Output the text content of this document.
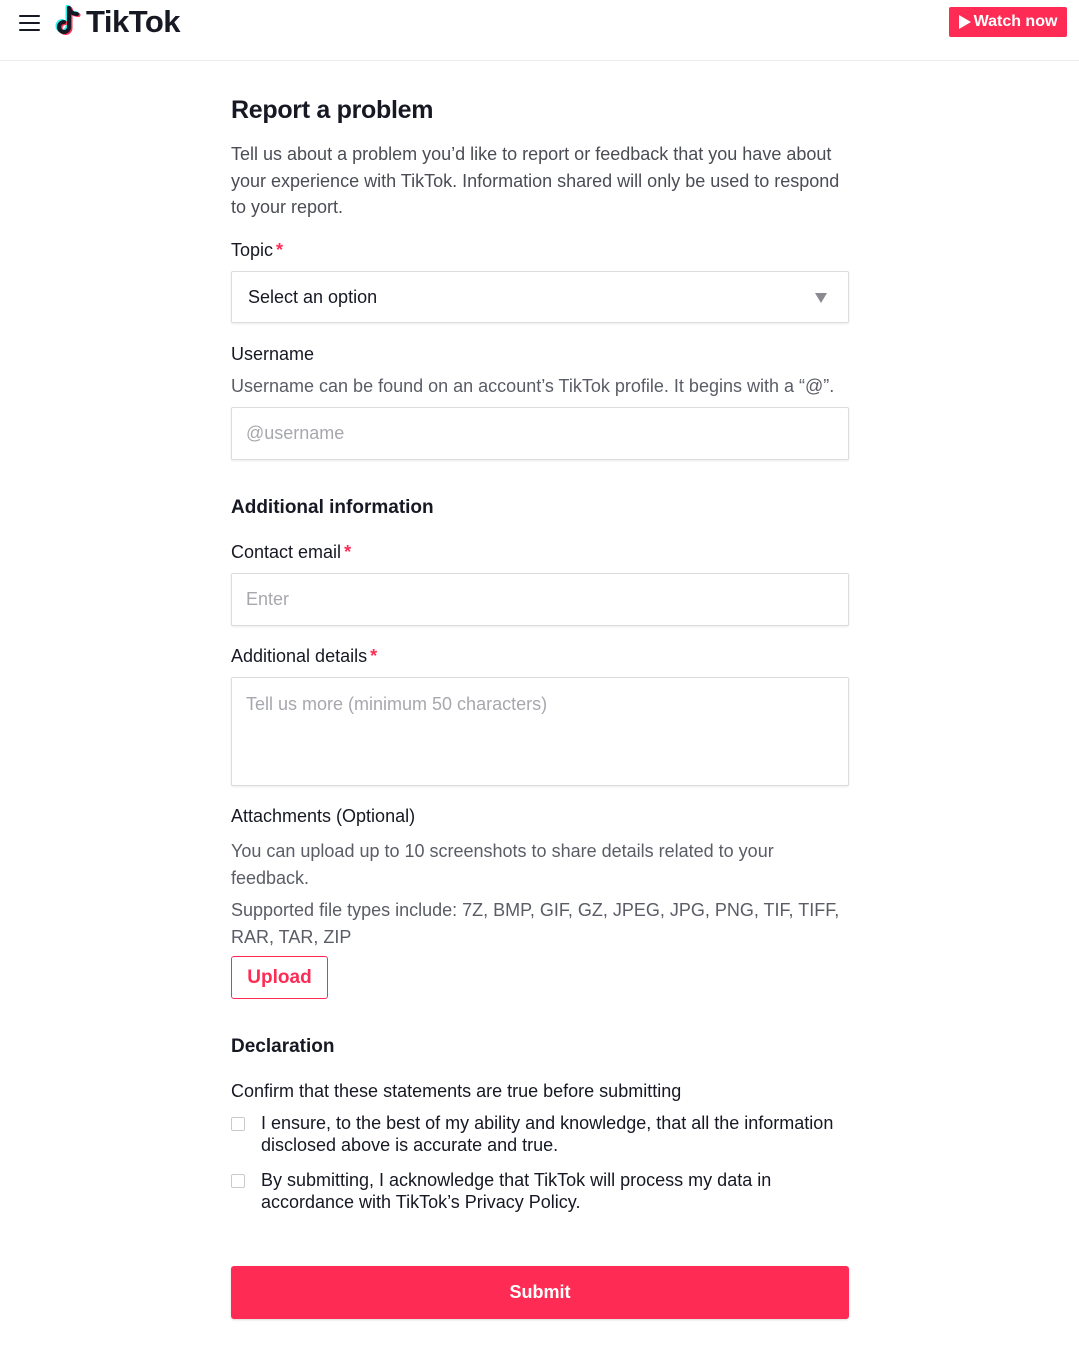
TikTok	Watch now
Report a problem

Tell us about a problem you’d like to report or feedback that you have about your experience with TikTok. Information shared will only be used to respond to your report.

Topic *
Select an option
Username
Username can be found on an account’s TikTok profile. It begins with a “@”.
@username
Additional information
Contact email *
Enter
Additional details *
Tell us more (minimum 50 characters)
Attachments (Optional)
You can upload up to 10 screenshots to share details related to your feedback.
Supported file types include: 7Z, BMP, GIF, GZ, JPEG, JPG, PNG, TIF, TIFF, RAR, TAR, ZIP
Upload
Declaration
Confirm that these statements are true before submitting
I ensure, to the best of my ability and knowledge, that all the information disclosed above is accurate and true.
By submitting, I acknowledge that TikTok will process my data in accordance with TikTok’s Privacy Policy.
Submit
